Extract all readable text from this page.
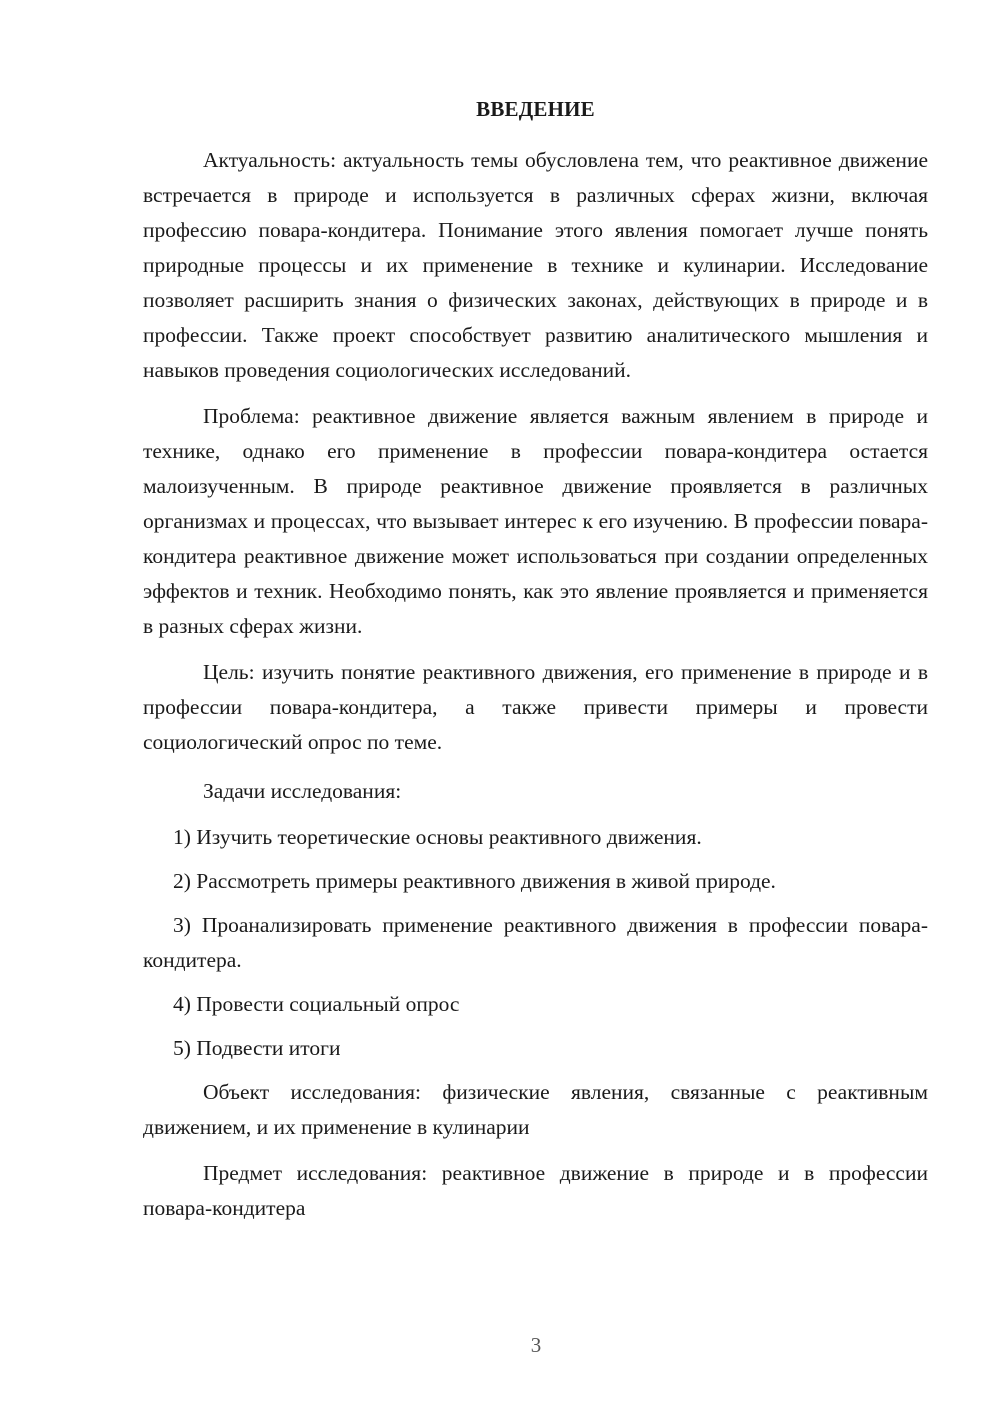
ВВЕДЕНИЕ

Актуальность: актуальность темы обусловлена тем, что реактивное движение встречается в природе и используется в различных сферах жизни, включая профессию повара-кондитера. Понимание этого явления помогает лучше понять природные процессы и их применение в технике и кулинарии. Исследование позволяет расширить знания о физических законах, действующих в природе и в профессии. Также проект способствует развитию аналитического мышления и навыков проведения социологических исследований.

Проблема: реактивное движение является важным явлением в природе и технике, однако его применение в профессии повара-кондитера остается малоизученным. В природе реактивное движение проявляется в различных организмах и процессах, что вызывает интерес к его изучению. В профессии повара-кондитера реактивное движение может использоваться при создании определенных эффектов и техник. Необходимо понять, как это явление проявляется и применяется в разных сферах жизни.

Цель: изучить понятие реактивного движения, его применение в природе и в профессии повара-кондитера, а также привести примеры и провести социологический опрос по теме.

Задачи исследования:

1) Изучить теоретические основы реактивного движения.

2) Рассмотреть примеры реактивного движения в живой природе.

3) Проанализировать применение реактивного движения в профессии повара-кондитера.

4) Провести социальный опрос

5) Подвести итоги

Объект исследования: физические явления, связанные с реактивным движением, и их применение в кулинарии

Предмет исследования: реактивное движение в природе и в профессии повара-кондитера

3
